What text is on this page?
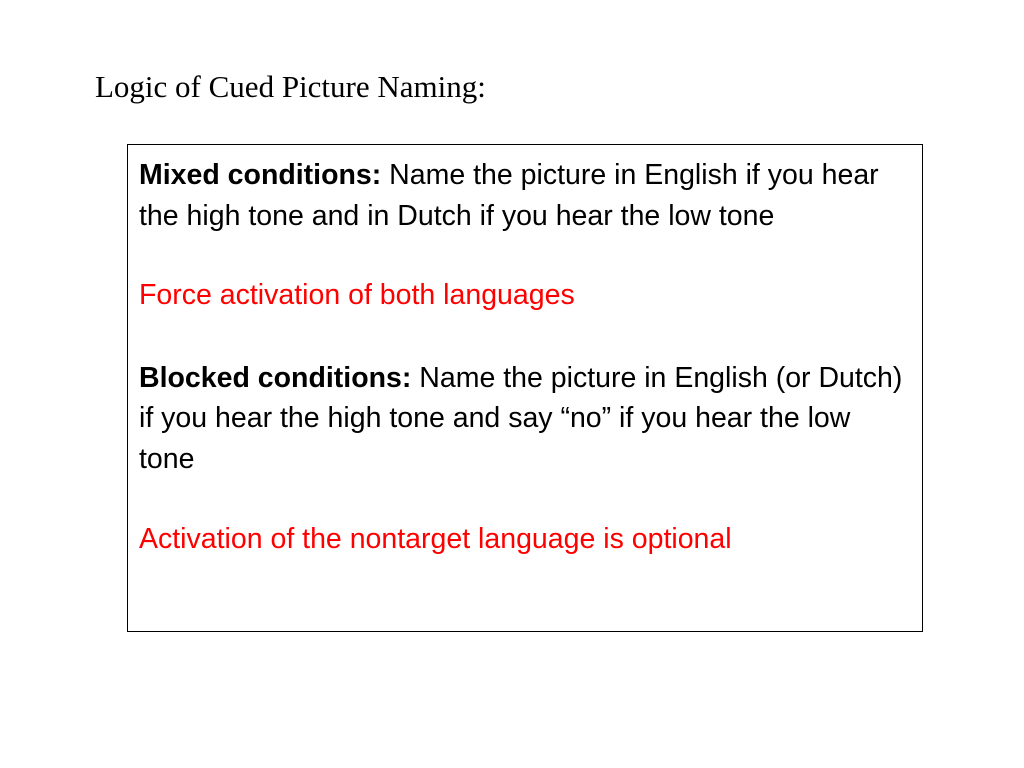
Logic of Cued Picture Naming:

Mixed conditions: Name the picture in English if you hear the high tone and in Dutch if you hear the low tone

Force activation of both languages

Blocked conditions: Name the picture in English (or Dutch) if you hear the high tone and say “no” if you hear the low tone

Activation of the nontarget language is optional
